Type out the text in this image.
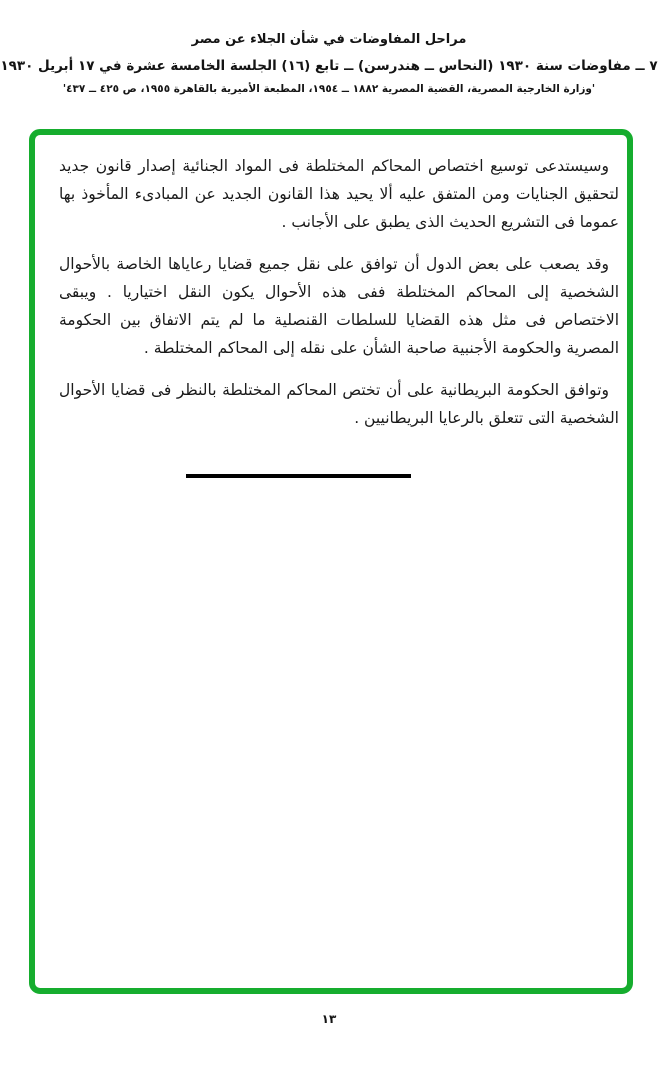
مراحل المفاوضات في شأن الجلاء عن مصر
٧ ــ مفاوضات سنة ١٩٣٠ (النحاس ــ هندرسن) ــ تابع (١٦) الجلسة الخامسة عشرة في ١٧ أبريل ١٩٣٠
'وزارة الخارجية المصرية، القضية المصرية ١٨٨٢ ــ ١٩٥٤، المطبعة الأميرية بالقاهرة ١٩٥٥، ص ٤٢٥ ــ ٤٣٧'

وسيستدعى توسيع اختصاص المحاكم المختلطة فى المواد الجنائية إصدار قانون جديد لتحقيق الجنايات ومن المتفق عليه ألا يحيد هذا القانون الجديد عن المبادىء المأخوذ بها عموما فى التشريع الحديث الذى يطبق على الأجانب .

وقد يصعب على بعض الدول أن توافق على نقل جميع قضايا رعاياها الخاصة بالأحوال الشخصية إلى المحاكم المختلطة ففى هذه الأحوال يكون النقل اختياريا . ويبقى الاختصاص فى مثل هذه القضايا للسلطات القنصلية ما لم يتم الاتفاق بين الحكومة المصرية والحكومة الأجنبية صاحبة الشأن على نقله إلى المحاكم المختلطة .

وتوافق الحكومة البريطانية على أن تختص المحاكم المختلطة بالنظر فى قضايا الأحوال الشخصية التى تتعلق بالرعايا البريطانيين .

١٣
